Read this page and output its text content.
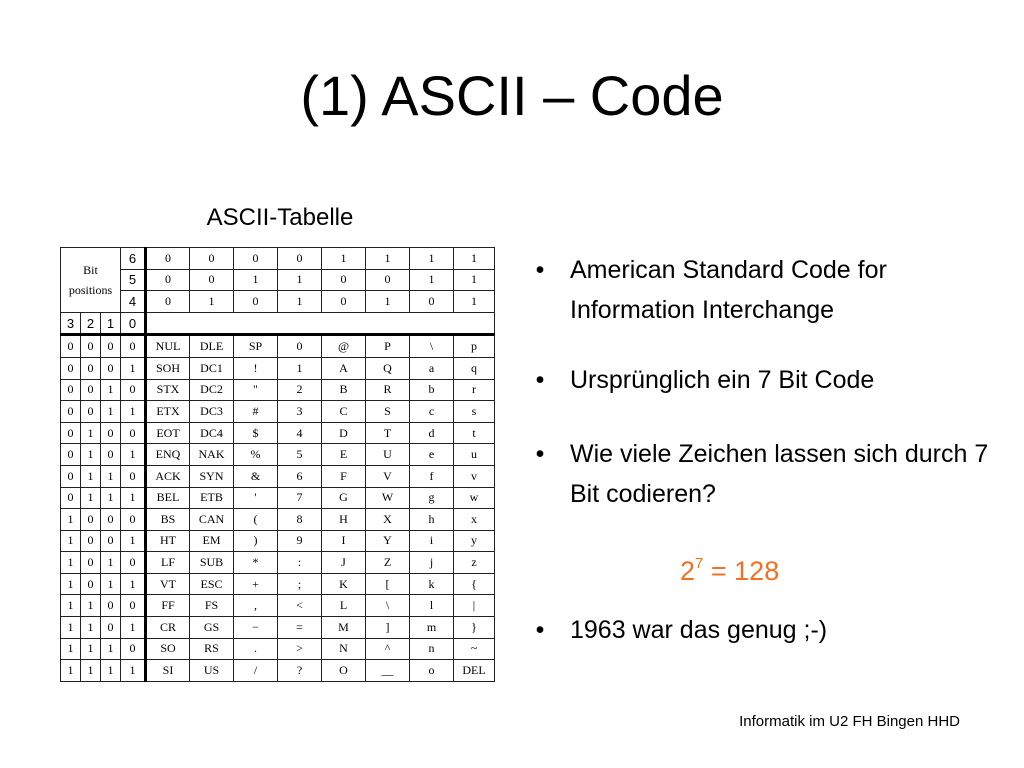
(1) ASCII – Code
ASCII-Tabelle
Bit
positions			6	0	0	0	0	1	1	1	1
			5	0	0	1	1	0	0	1	1
			4	0	1	0	1	0	1	0	1
3	2	1	0								
0	0	0	0	NUL	DLE	SP	0	@	P	\	p
0	0	0	1	SOH	DC1	!	1	A	Q	a	q
0	0	1	0	STX	DC2	"	2	B	R	b	r
0	0	1	1	ETX	DC3	#	3	C	S	c	s
0	1	0	0	EOT	DC4	$	4	D	T	d	t
0	1	0	1	ENQ	NAK	%	5	E	U	e	u
0	1	1	0	ACK	SYN	&	6	F	V	f	v
0	1	1	1	BEL	ETB	'	7	G	W	g	w
1	0	0	0	BS	CAN	(	8	H	X	h	x
1	0	0	1	HT	EM	)	9	I	Y	i	y
1	0	1	0	LF	SUB	*	:	J	Z	j	z
1	0	1	1	VT	ESC	+	;	K	[	k	{
1	1	0	0	FF	FS	,	<	L	\	l	|
1	1	0	1	CR	GS	−	=	M	]	m	}
1	1	1	0	SO	RS	.	>	N	^	n	~
1	1	1	1	SI	US	/	?	O	__	o	DEL
• American Standard Code for Information Interchange
• Ursprünglich ein 7 Bit Code
• Wie viele Zeichen lassen sich durch 7 Bit codieren?
• 1963 war das genug ;-)
$2^7 = 128$
Informatik im U2 FH Bingen HHD
